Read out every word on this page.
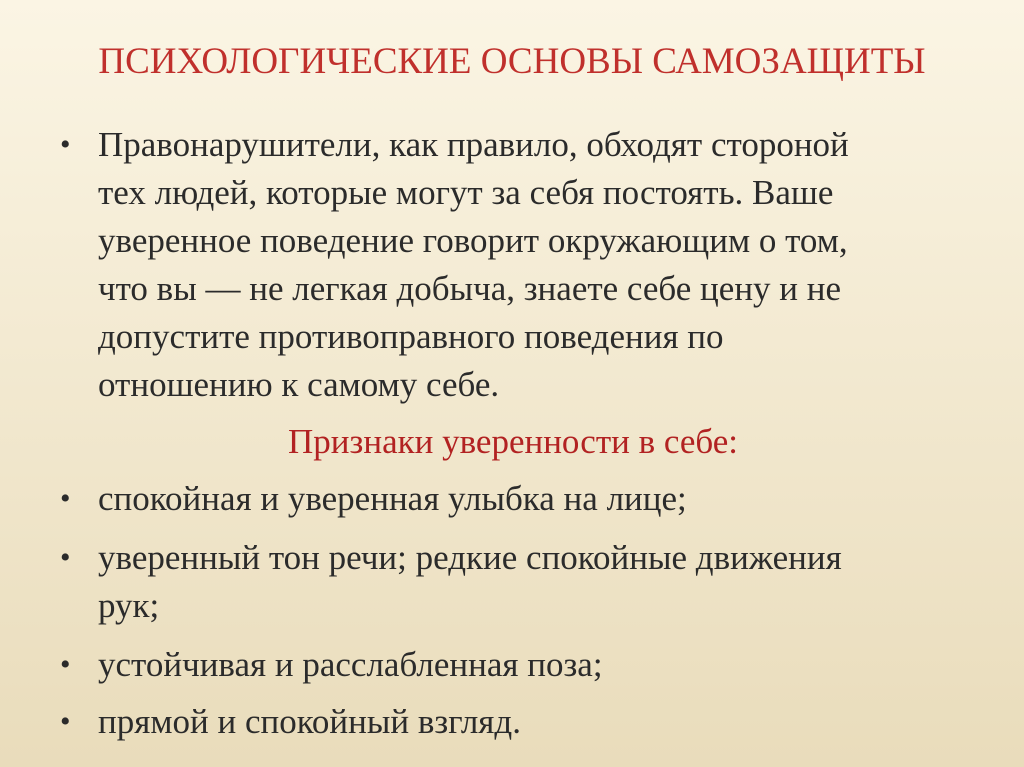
ПСИХОЛОГИЧЕСКИЕ ОСНОВЫ САМОЗАЩИТЫ
• Правонарушители, как правило, обходят стороной
тех людей, которые могут за себя постоять. Ваше
уверенное поведение говорит окружающим о том,
что вы — не легкая добыча, знаете себе цену и не
допустите противоправного поведения по
отношению к самому себе.
Признаки уверенности в себе:
• спокойная и уверенная улыбка на лице;
• уверенный тон речи; редкие спокойные движения
рук;
• устойчивая и расслабленная поза;
• прямой и спокойный взгляд.
